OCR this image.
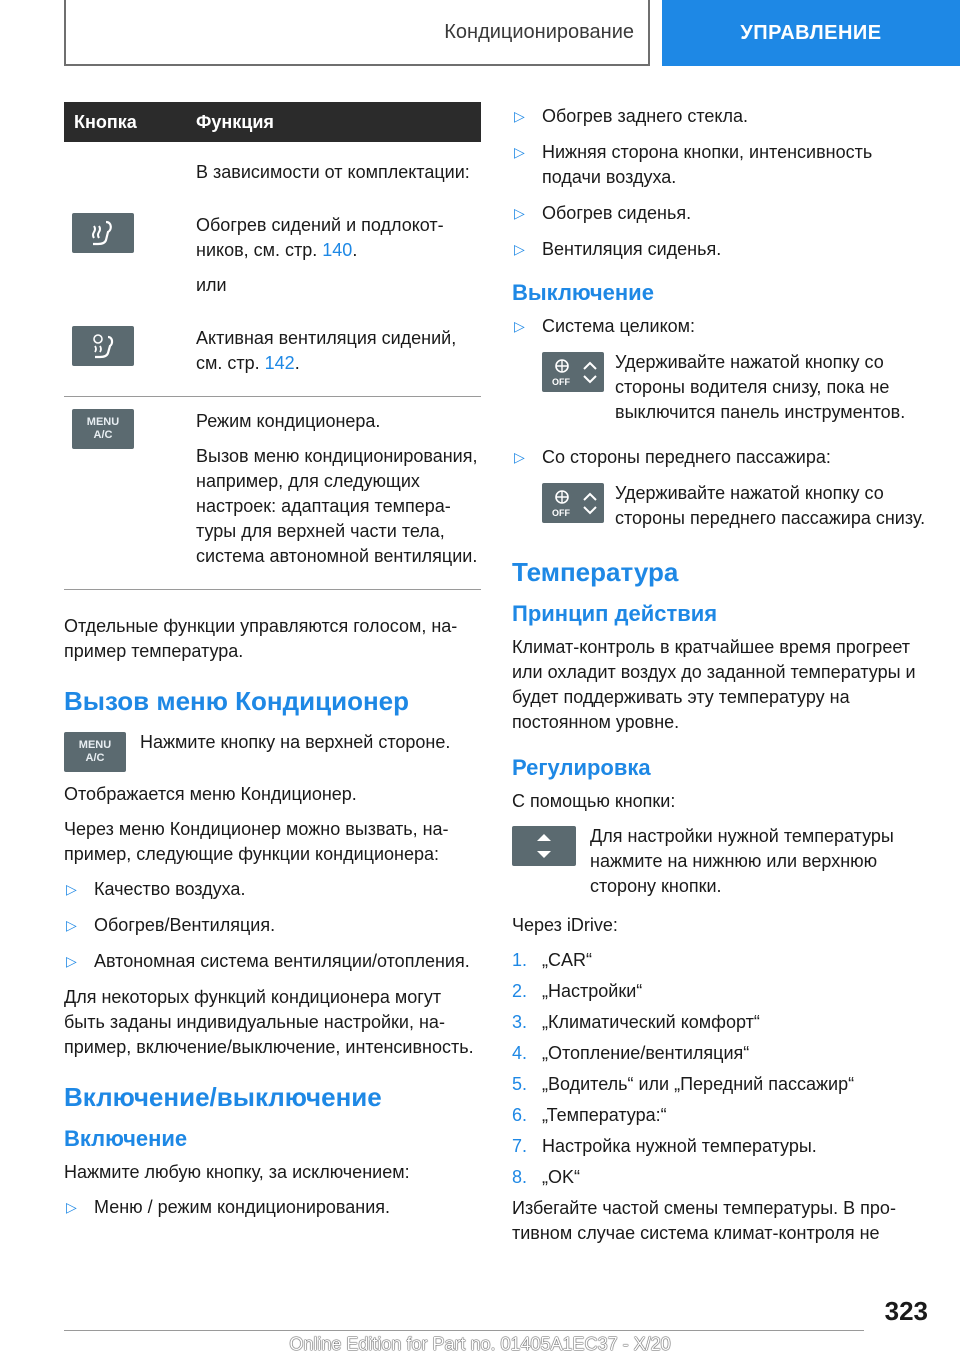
Кондиционирование	УПРАВЛЕНИЕ
Кнопка	Функция

В зависимости от комплектации:

Обогрев сидений и подлокотников, см. стр. 140.

или

Активная вентиляция сидений, см. стр. 142.

MENU
A/C

Режим кондиционера.

Вызов меню кондиционирования, например, для следующих настроек: адаптация температуры для верхней части тела, система автономной вентиляции.

Отдельные функции управляются голосом, например температура.

Вызов меню Кондиционер
MENU
A/C

Нажмите кнопку на верхней стороне.

Отображается меню Кондиционер.

Через меню Кондиционер можно вызвать, например, следующие функции кондиционера:

▷ Качество воздуха.
▷ Обогрев/Вентиляция.
▷ Автономная система вентиляции/отопления.

Для некоторых функций кондиционера могут быть заданы индивидуальные настройки, например, включение/выключение, интенсивность.

Включение/выключение
Включение

Нажмите любую кнопку, за исключением:

▷ Меню / режим кондиционирования.
▷ Обогрев заднего стекла.
▷ Нижняя сторона кнопки, интенсивность подачи воздуха.
▷ Обогрев сиденья.
▷ Вентиляция сиденья.
Выключение
▷ Система целиком:
OFF

Удерживайте нажатой кнопку со стороны водителя снизу, пока не выключится панель инструментов.

▷ Со стороны переднего пассажира:
OFF

Удерживайте нажатой кнопку со стороны переднего пассажира снизу.

Температура
Принцип действия

Климат-контроль в кратчайшее время прогреет или охладит воздух до заданной температуры и будет поддерживать эту температуру на постоянном уровне.

Регулировка

С помощью кнопки:

Для настройки нужной температуры нажмите на нижнюю или верхнюю сторону кнопки.

Через iDrive:

1. „CAR“
2. „Настройки“
3. „Климатический комфорт“
4. „Отопление/вентиляция“
5. „Водитель“ или „Передний пассажир“
6. „Температура:“
7. Настройка нужной температуры.
8. „OK“

Избегайте частой смены температуры. В противном случае система климат-контроля не

323
Online Edition for Part no. 01405A1EC37 - X/20
